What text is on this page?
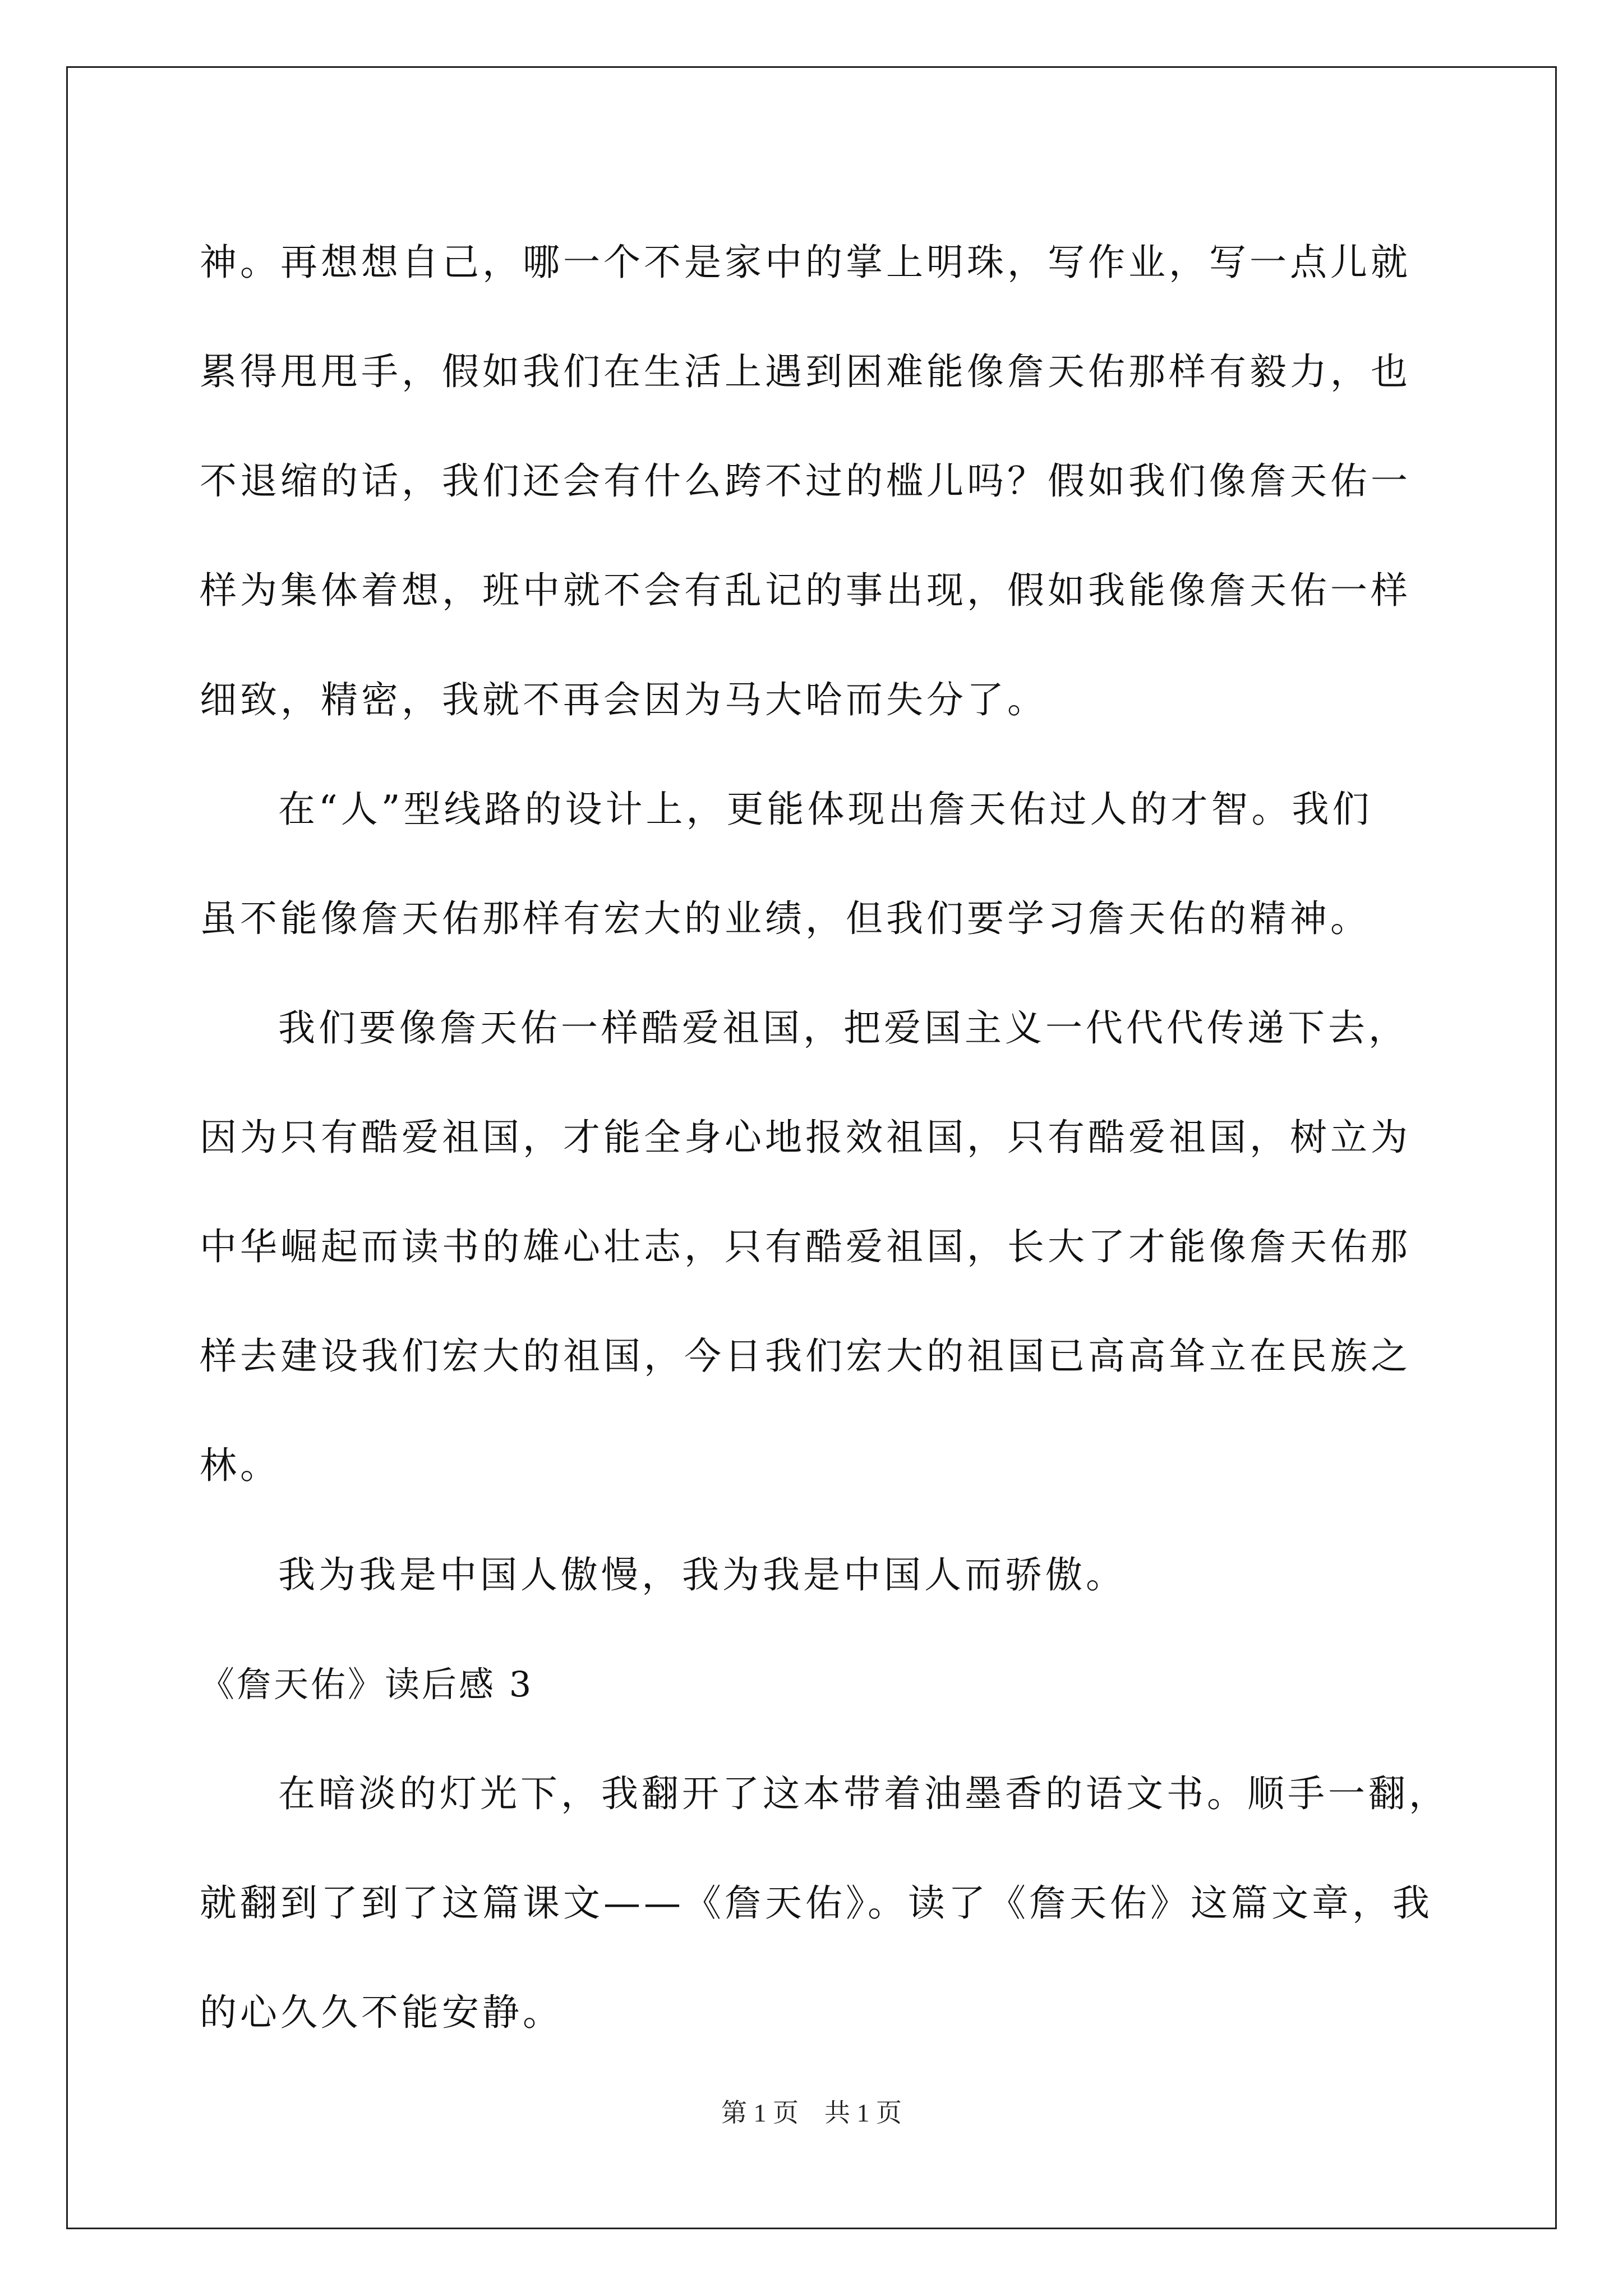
神。再想想自己，哪一个不是家中的掌上明珠，写作业，写一点儿就
累得甩甩手，假如我们在生活上遇到困难能像詹天佑那样有毅力，也
不退缩的话，我们还会有什么跨不过的槛儿吗？假如我们像詹天佑一
样为集体着想，班中就不会有乱记的事出现，假如我能像詹天佑一样
细致，精密，我就不再会因为马大哈而失分了。
在“人”型线路的设计上，更能体现出詹天佑过人的才智。我们
虽不能像詹天佑那样有宏大的业绩，但我们要学习詹天佑的精神。
我们要像詹天佑一样酷爱祖国，把爱国主义一代代代传递下去，
因为只有酷爱祖国，才能全身心地报效祖国，只有酷爱祖国，树立为
中华崛起而读书的雄心壮志，只有酷爱祖国，长大了才能像詹天佑那
样去建设我们宏大的祖国，今日我们宏大的祖国已高高耸立在民族之
林。
我为我是中国人傲慢，我为我是中国人而骄傲。
《詹天佑》读后感 3
在暗淡的灯光下，我翻开了这本带着油墨香的语文书。顺手一翻，
就翻到了到了这篇课文——《詹天佑》。读了《詹天佑》这篇文章，我
的心久久不能安静。
第 1 页　共 1 页
